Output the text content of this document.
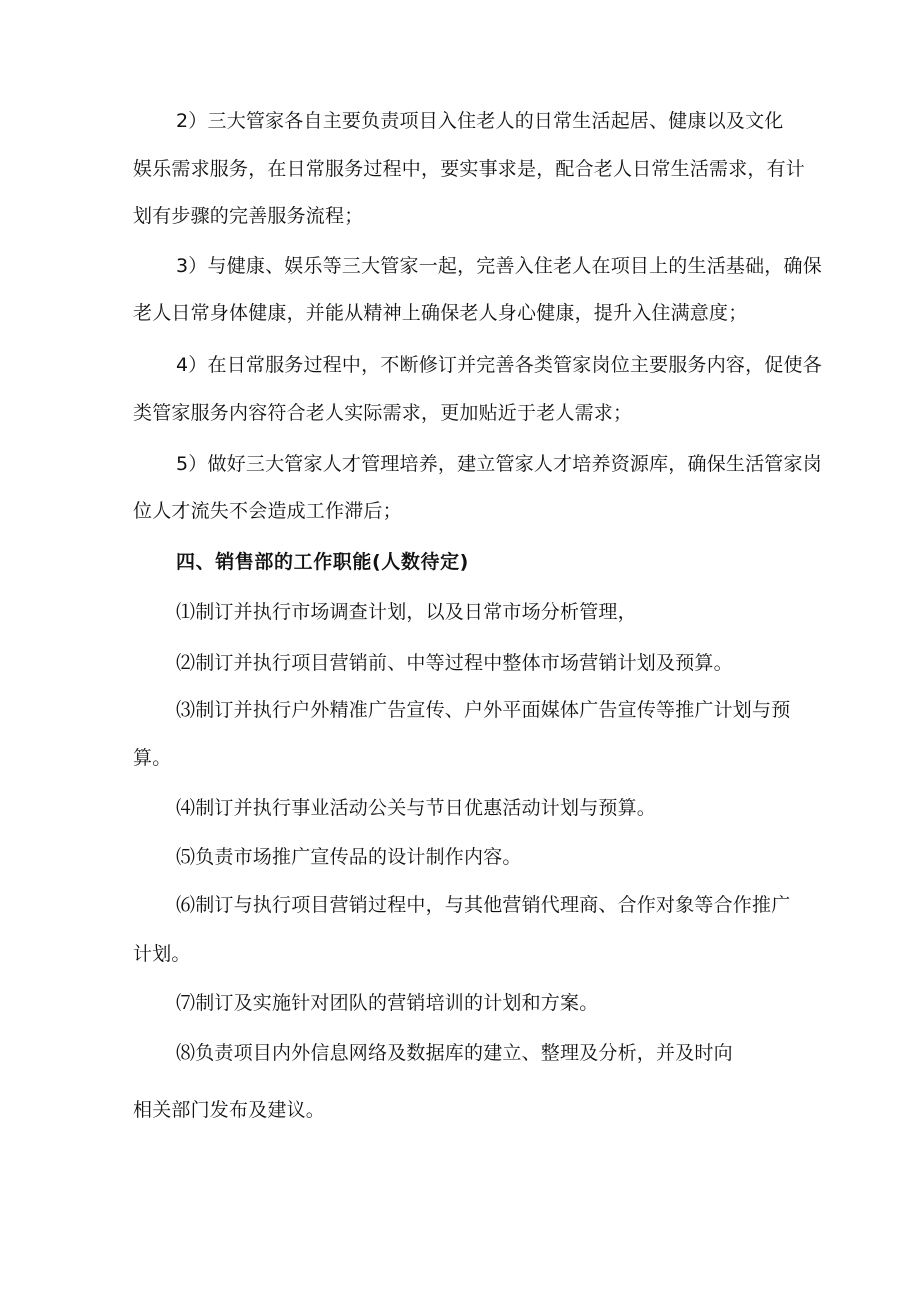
2）三大管家各自主要负责项目入住老人的日常生活起居、健康以及文化
娱乐需求服务，在日常服务过程中，要实事求是，配合老人日常生活需求，有计
划有步骤的完善服务流程；
3）与健康、娱乐等三大管家一起，完善入住老人在项目上的生活基础，确保
老人日常身体健康，并能从精神上确保老人身心健康，提升入住满意度；
4）在日常服务过程中，不断修订并完善各类管家岗位主要服务内容，促使各
类管家服务内容符合老人实际需求，更加贴近于老人需求；
5）做好三大管家人才管理培养，建立管家人才培养资源库，确保生活管家岗
位人才流失不会造成工作滞后；
四、销售部的工作职能(人数待定)
⑴制订并执行市场调查计划，以及日常市场分析管理，
⑵制订并执行项目营销前、中等过程中整体市场营销计划及预算。
⑶制订并执行户外精准广告宣传、户外平面媒体广告宣传等推广计划与预
算。
⑷制订并执行事业活动公关与节日优惠活动计划与预算。
⑸负责市场推广宣传品的设计制作内容。
⑹制订与执行项目营销过程中，与其他营销代理商、合作对象等合作推广
计划。
⑺制订及实施针对团队的营销培训的计划和方案。
⑻负责项目内外信息网络及数据库的建立、整理及分析，并及时向
相关部门发布及建议。
